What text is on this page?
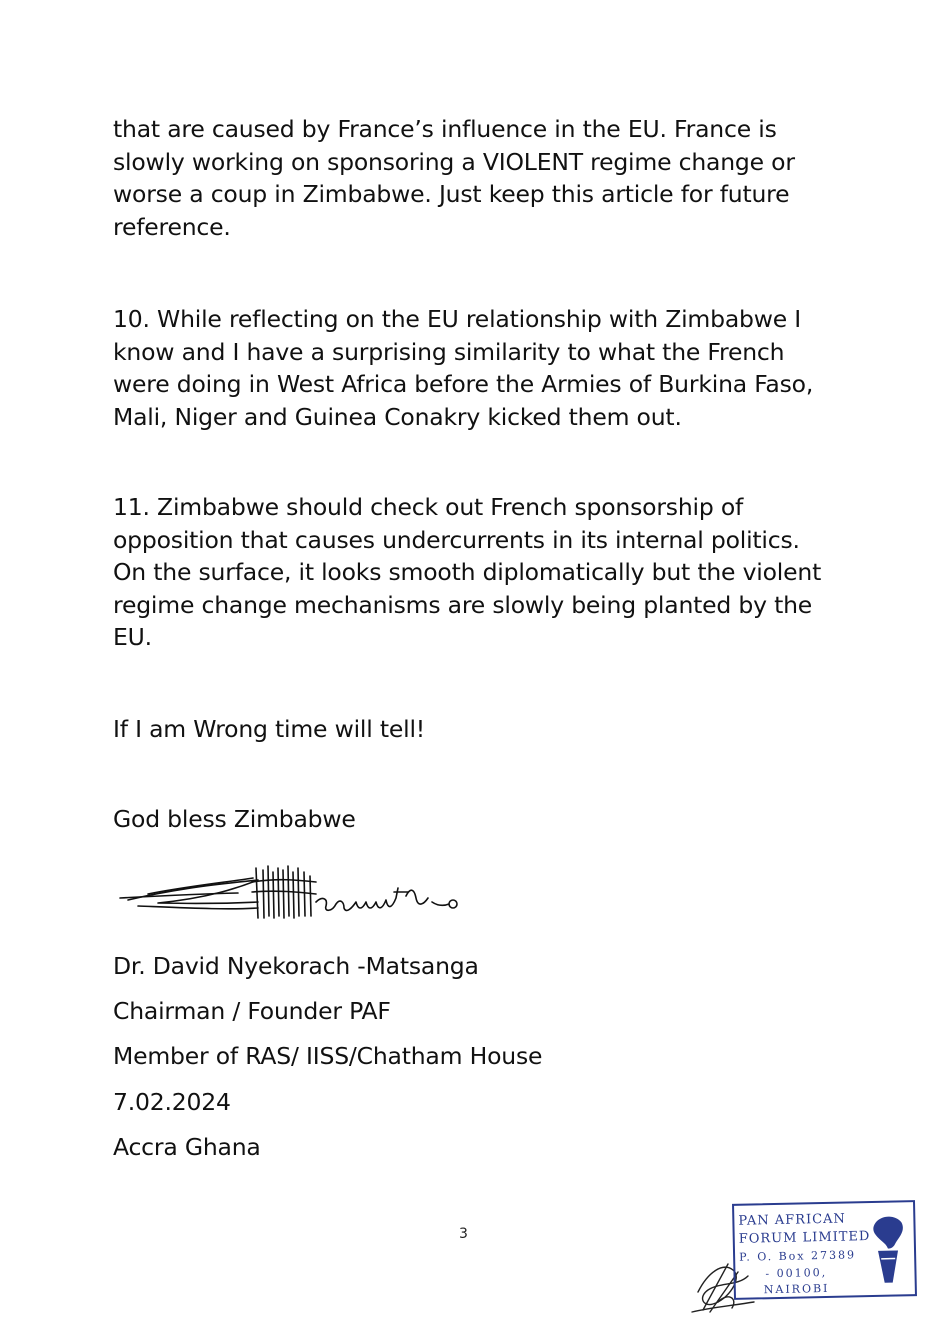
that are caused by France’s influence in the EU. France is slowly working on sponsoring a VIOLENT regime change or worse a coup in Zimbabwe. Just keep this article for future reference.

10. While reflecting on the EU relationship with Zimbabwe I know and I have a surprising similarity to what the French were doing in West Africa before the Armies of Burkina Faso, Mali, Niger and Guinea Conakry kicked them out.

11. Zimbabwe should check out French sponsorship of opposition that causes undercurrents in its internal politics. On the surface, it looks smooth diplomatically but the violent regime change mechanisms are slowly being planted by the EU.

If I am Wrong time will tell!

God bless Zimbabwe

Dr. David Nyekorach -Matsanga
Chairman / Founder PAF
Member of RAS/ IISS/Chatham House
7.02.2024
Accra Ghana
3
PAN AFRICAN
FORUM LIMITED
P. O. Box 27389
- 00100,
NAIROBI
